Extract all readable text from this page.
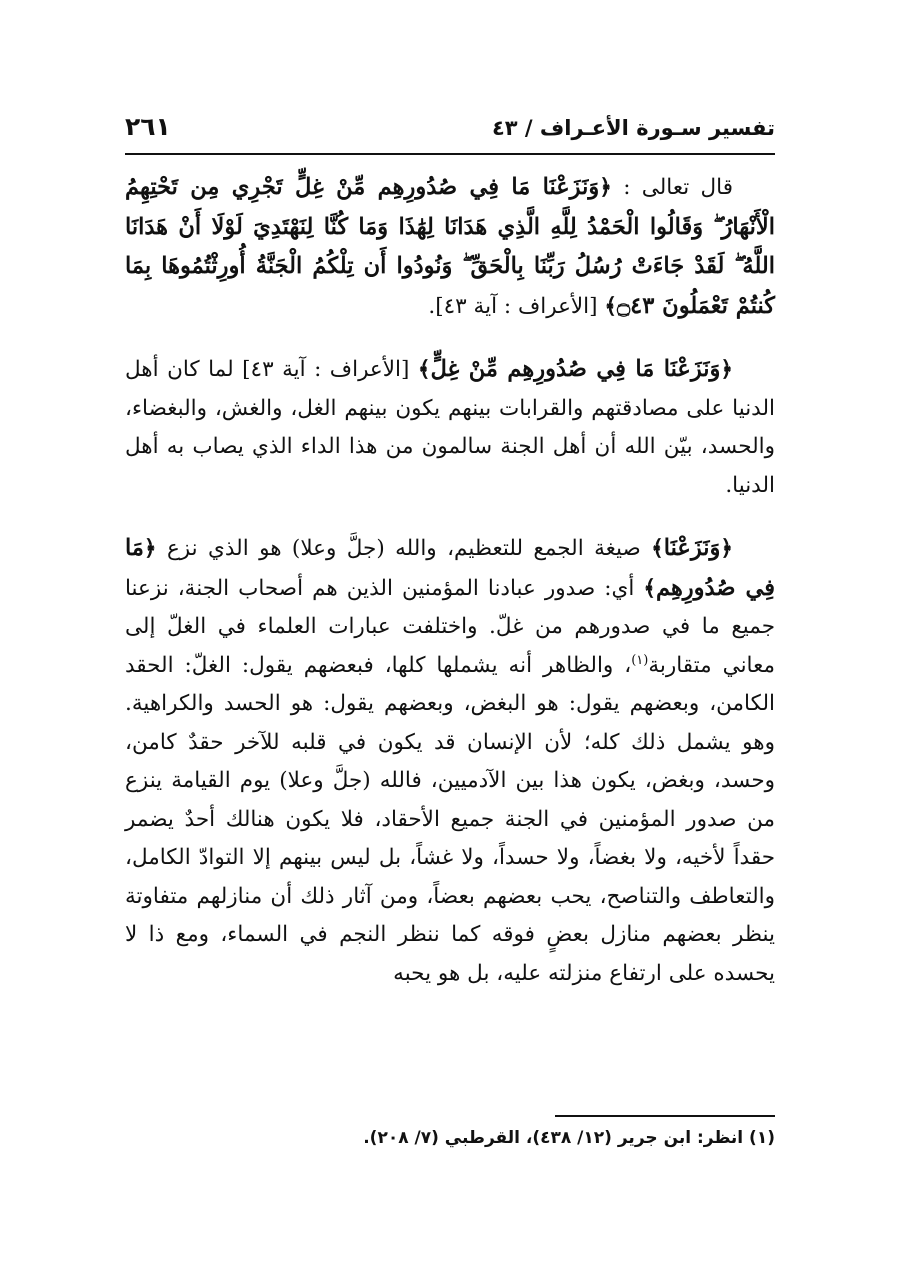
تفسير سـورة الأعـراف / ٤٣
٢٦١

قال تعالى : ﴿وَنَزَعْنَا مَا فِي صُدُورِهِم مِّنْ غِلٍّ تَجْرِي مِن تَحْتِهِمُ الْأَنْهَارُ ۖ وَقَالُوا الْحَمْدُ لِلَّهِ الَّذِي هَدَانَا لِهَٰذَا وَمَا كُنَّا لِنَهْتَدِيَ لَوْلَا أَنْ هَدَانَا اللَّهُ ۖ لَقَدْ جَاءَتْ رُسُلُ رَبِّنَا بِالْحَقِّ ۖ وَنُودُوا أَن تِلْكُمُ الْجَنَّةُ أُورِثْتُمُوهَا بِمَا كُنتُمْ تَعْمَلُونَ ۝٤٣﴾ [الأعراف : آية ٤٣].

﴿وَنَزَعْنَا مَا فِي صُدُورِهِم مِّنْ غِلٍّ﴾ [الأعراف : آية ٤٣] لما كان أهل الدنيا على مصادقتهم والقرابات بينهم يكون بينهم الغل، والغش، والبغضاء، والحسد، بيّن الله أن أهل الجنة سالمون من هذا الداء الذي يصاب به أهل الدنيا.

﴿وَنَزَعْنَا﴾ صيغة الجمع للتعظيم، والله (جلَّ وعلا) هو الذي نزع ﴿مَا فِي صُدُورِهِم﴾ أي: صدور عبادنا المؤمنين الذين هم أصحاب الجنة، نزعنا جميع ما في صدورهم من غلّ. واختلفت عبارات العلماء في الغلّ إلى معاني متقاربة$^{(١)}$، والظاهر أنه يشملها كلها، فبعضهم يقول: الغلّ: الحقد الكامن، وبعضهم يقول: هو البغض، وبعضهم يقول: هو الحسد والكراهية. وهو يشمل ذلك كله؛ لأن الإنسان قد يكون في قلبه للآخر حقدٌ كامن، وحسد، وبغض، يكون هذا بين الآدميين، فالله (جلَّ وعلا) يوم القيامة ينزع من صدور المؤمنين في الجنة جميع الأحقاد، فلا يكون هنالك أحدٌ يضمر حقداً لأخيه، ولا بغضاً، ولا حسداً، ولا غشاً، بل ليس بينهم إلا التوادّ الكامل، والتعاطف والتناصح، يحب بعضهم بعضاً، ومن آثار ذلك أن منازلهم متفاوتة ينظر بعضهم منازل بعضٍ فوقه كما ننظر النجم في السماء، ومع ذا لا يحسده على ارتفاع منزلته عليه، بل هو يحبه

(١) انظر: ابن جرير (١٢/ ٤٣٨)، القرطبي (٧/ ٢٠٨).
